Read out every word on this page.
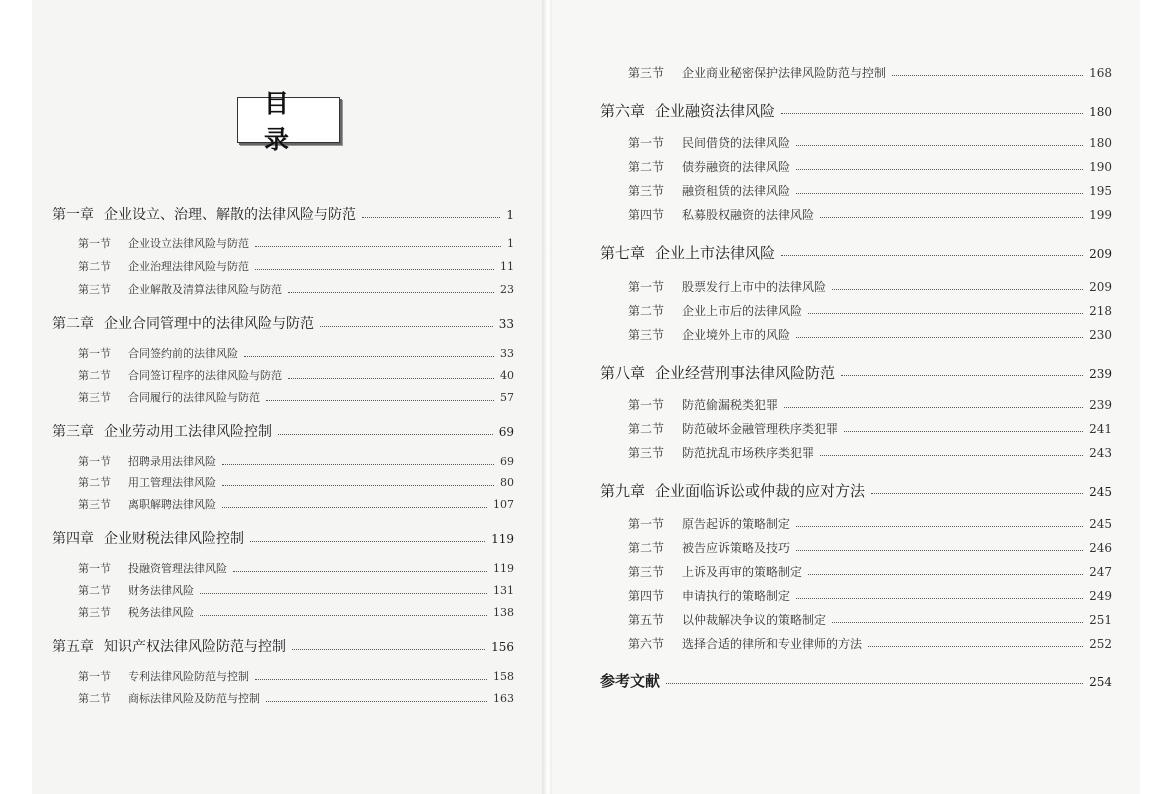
目 录
第一章 企业设立、治理、解散的法律风险与防范	1
第一节	企业设立法律风险与防范	1
第二节	企业治理法律风险与防范	11
第三节	企业解散及清算法律风险与防范	23
第二章 企业合同管理中的法律风险与防范	33
第一节	合同签约前的法律风险	33
第二节	合同签订程序的法律风险与防范	40
第三节	合同履行的法律风险与防范	57
第三章 企业劳动用工法律风险控制	69
第一节	招聘录用法律风险	69
第二节	用工管理法律风险	80
第三节	离职解聘法律风险	107
第四章 企业财税法律风险控制	119
第一节	投融资管理法律风险	119
第二节	财务法律风险	131
第三节	税务法律风险	138
第五章 知识产权法律风险防范与控制	156
第一节	专利法律风险防范与控制	158
第二节	商标法律风险及防范与控制	163
第三节	企业商业秘密保护法律风险防范与控制	168
第六章 企业融资法律风险	180
第一节	民间借贷的法律风险	180
第二节	债券融资的法律风险	190
第三节	融资租赁的法律风险	195
第四节	私募股权融资的法律风险	199
第七章 企业上市法律风险	209
第一节	股票发行上市中的法律风险	209
第二节	企业上市后的法律风险	218
第三节	企业境外上市的风险	230
第八章 企业经营刑事法律风险防范	239
第一节	防范偷漏税类犯罪	239
第二节	防范破坏金融管理秩序类犯罪	241
第三节	防范扰乱市场秩序类犯罪	243
第九章 企业面临诉讼或仲裁的应对方法	245
第一节	原告起诉的策略制定	245
第二节	被告应诉策略及技巧	246
第三节	上诉及再审的策略制定	247
第四节	申请执行的策略制定	249
第五节	以仲裁解决争议的策略制定	251
第六节	选择合适的律所和专业律师的方法	252
参考文献	254
